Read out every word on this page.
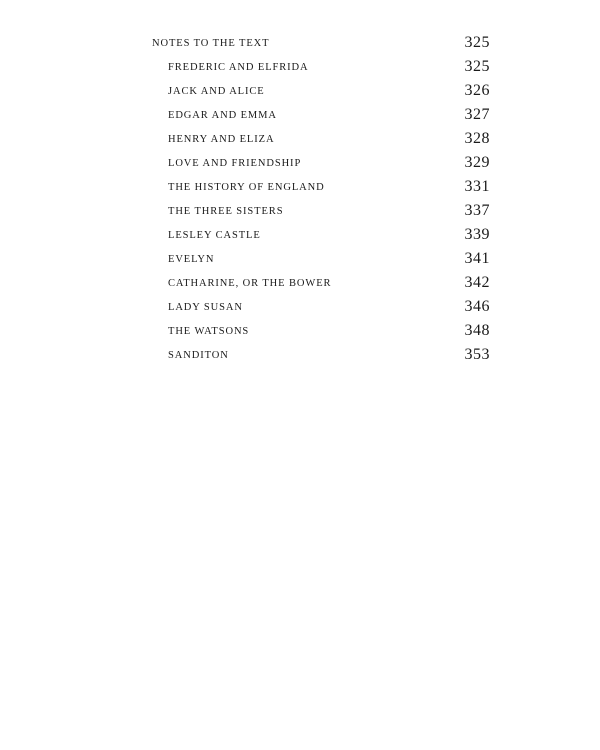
NOTES TO THE TEXT	325
FREDERIC AND ELFRIDA	325
JACK AND ALICE	326
EDGAR AND EMMA	327
HENRY AND ELIZA	328
LOVE AND FRIENDSHIP	329
THE HISTORY OF ENGLAND	331
THE THREE SISTERS	337
LESLEY CASTLE	339
EVELYN	341
CATHARINE, OR THE BOWER	342
LADY SUSAN	346
THE WATSONS	348
SANDITON	353
